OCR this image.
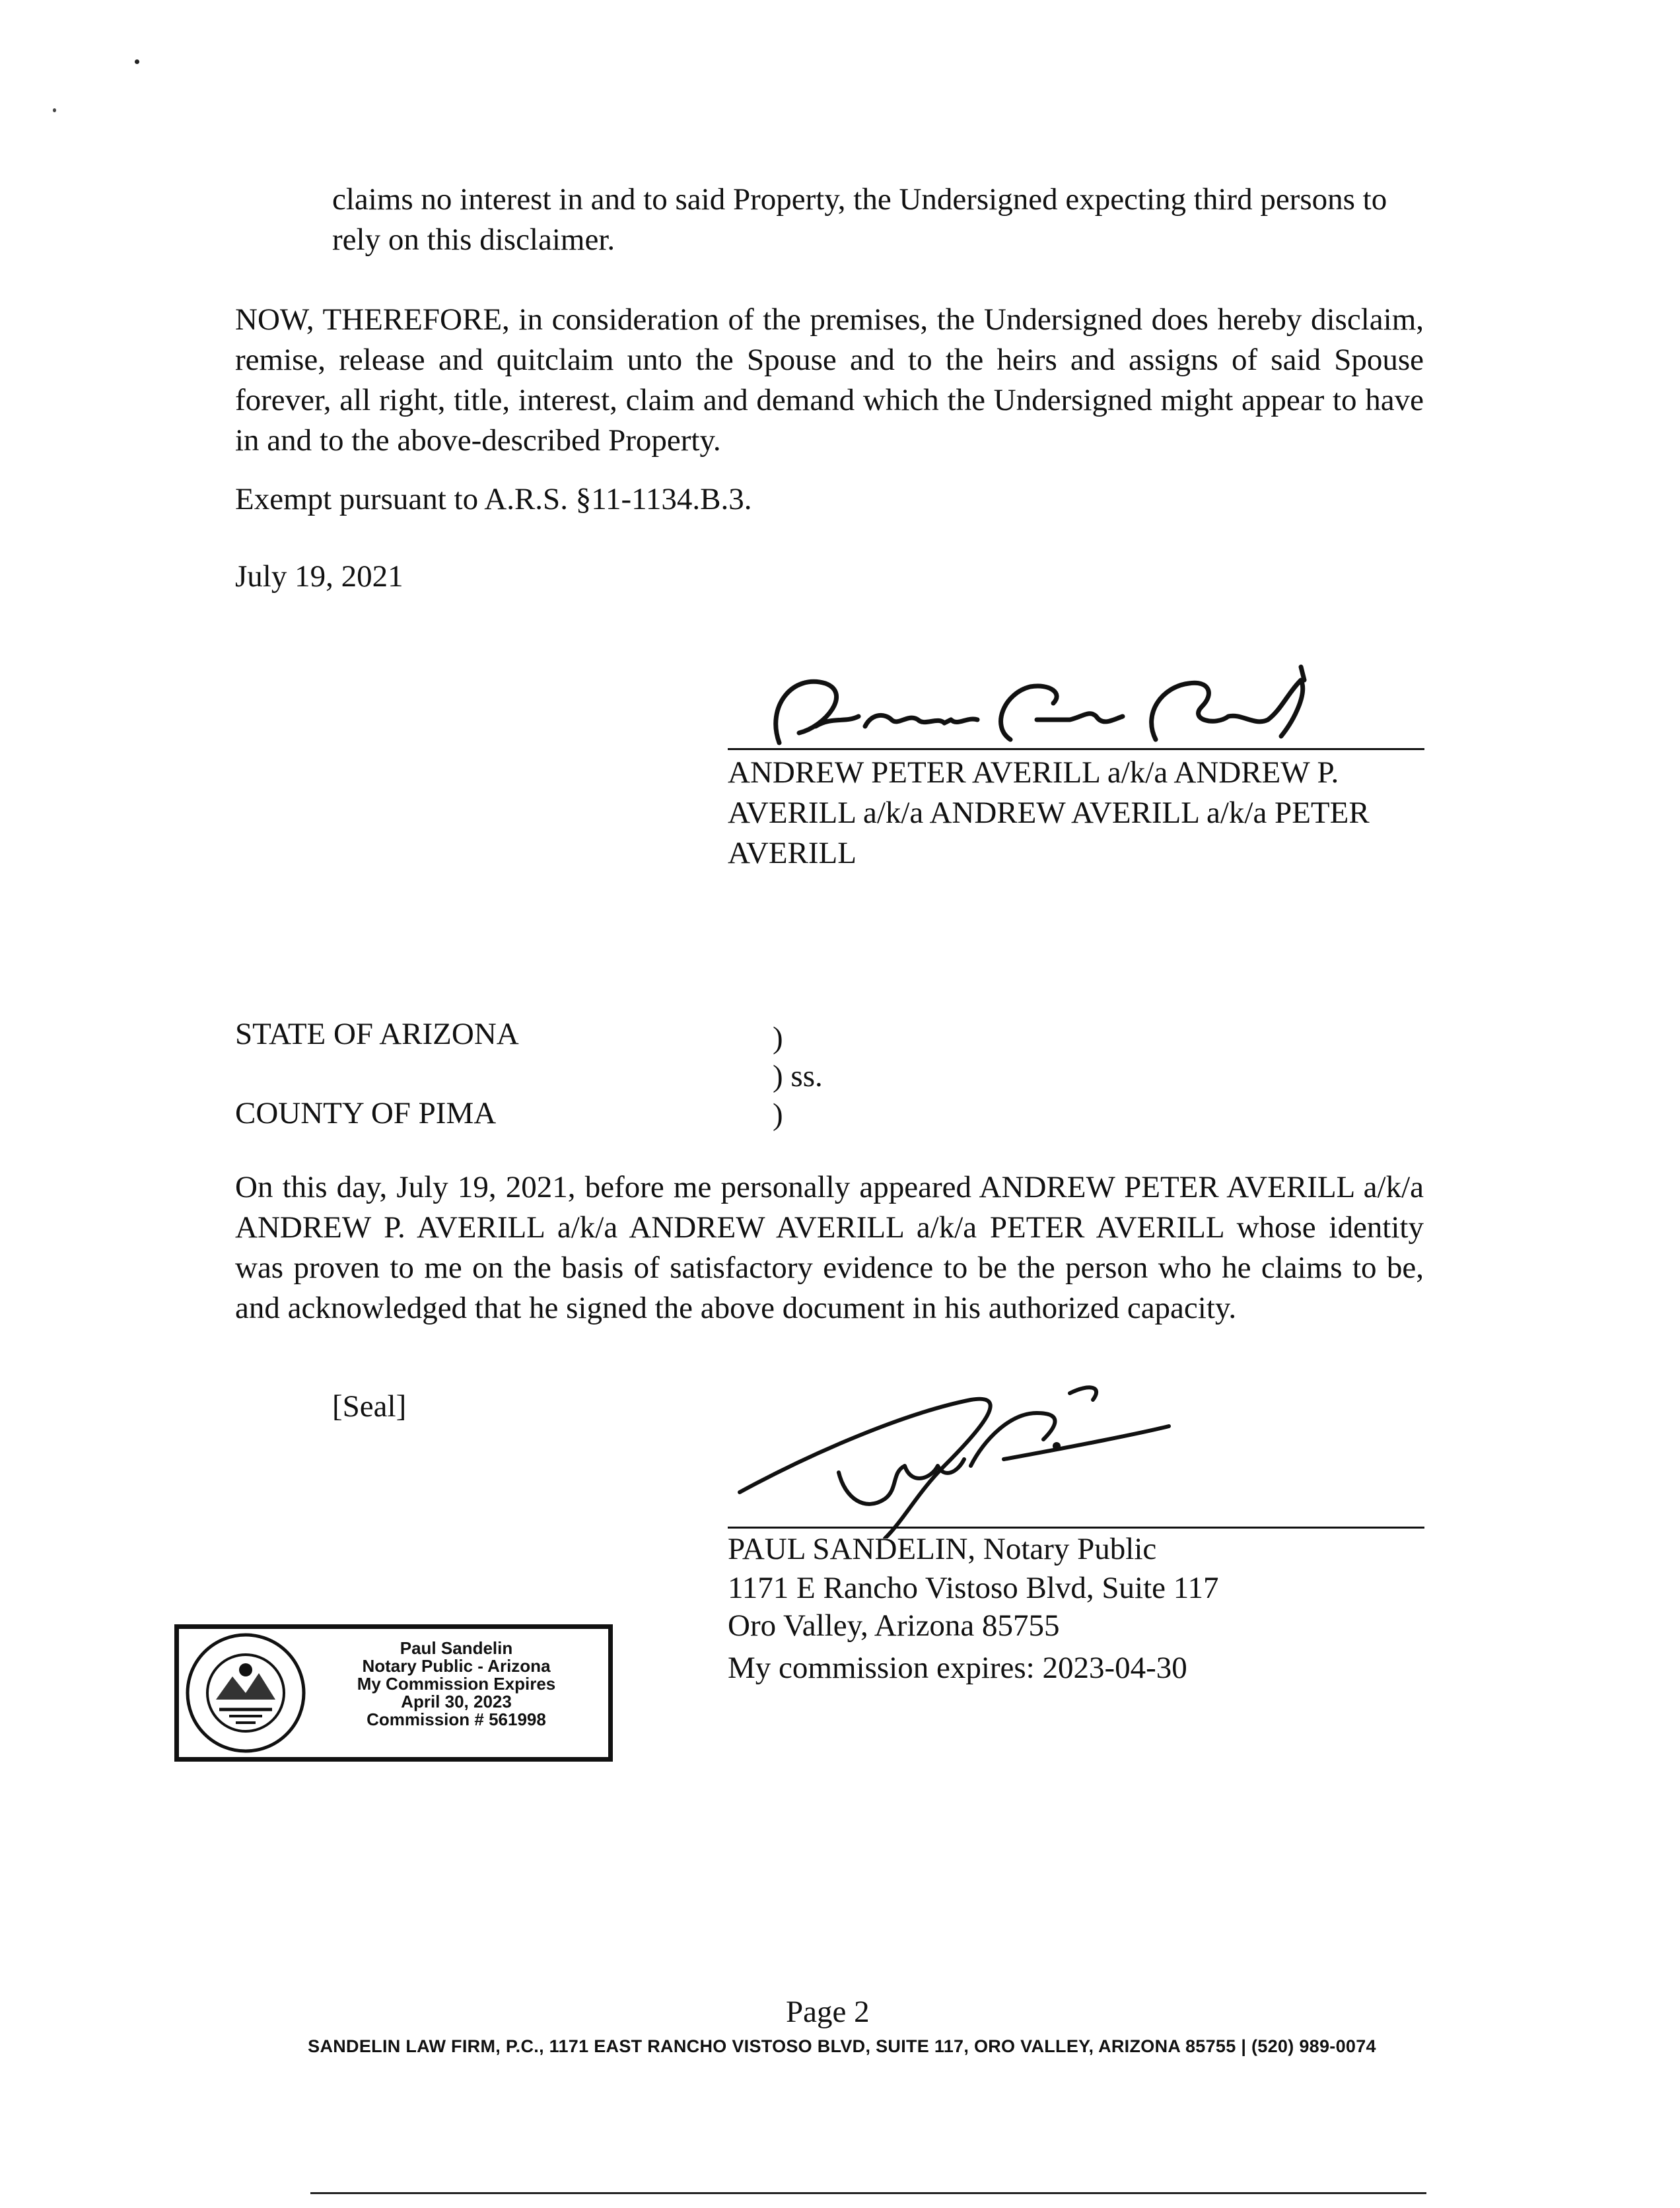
claims no interest in and to said Property, the Undersigned expecting third persons to rely on this disclaimer.
NOW, THEREFORE, in consideration of the premises, the Undersigned does hereby disclaim, remise, release and quitclaim unto the Spouse and to the heirs and assigns of said Spouse forever, all right, title, interest, claim and demand which the Undersigned might appear to have in and to the above-described Property.
Exempt pursuant to A.R.S. §11-1134.B.3.
July 19, 2021
ANDREW PETER AVERILL a/k/a ANDREW P. AVERILL a/k/a ANDREW AVERILL a/k/a PETER AVERILL
STATE OF ARIZONA
COUNTY OF PIMA
)
) ss.
)
On this day, July 19, 2021, before me personally appeared ANDREW PETER AVERILL a/k/a ANDREW P. AVERILL a/k/a ANDREW AVERILL a/k/a PETER AVERILL whose identity was proven to me on the basis of satisfactory evidence to be the person who he claims to be, and acknowledged that he signed the above document in his authorized capacity.
[Seal]
PAUL SANDELIN, Notary Public
1171 E Rancho Vistoso Blvd, Suite 117
Oro Valley, Arizona 85755
My commission expires: 2023-04-30
Paul Sandelin
Notary Public - Arizona
My Commission Expires
April 30, 2023
Commission # 561998
Page 2
SANDELIN LAW FIRM, P.C., 1171 EAST RANCHO VISTOSO BLVD, SUITE 117, ORO VALLEY, ARIZONA 85755 | (520) 989-0074
